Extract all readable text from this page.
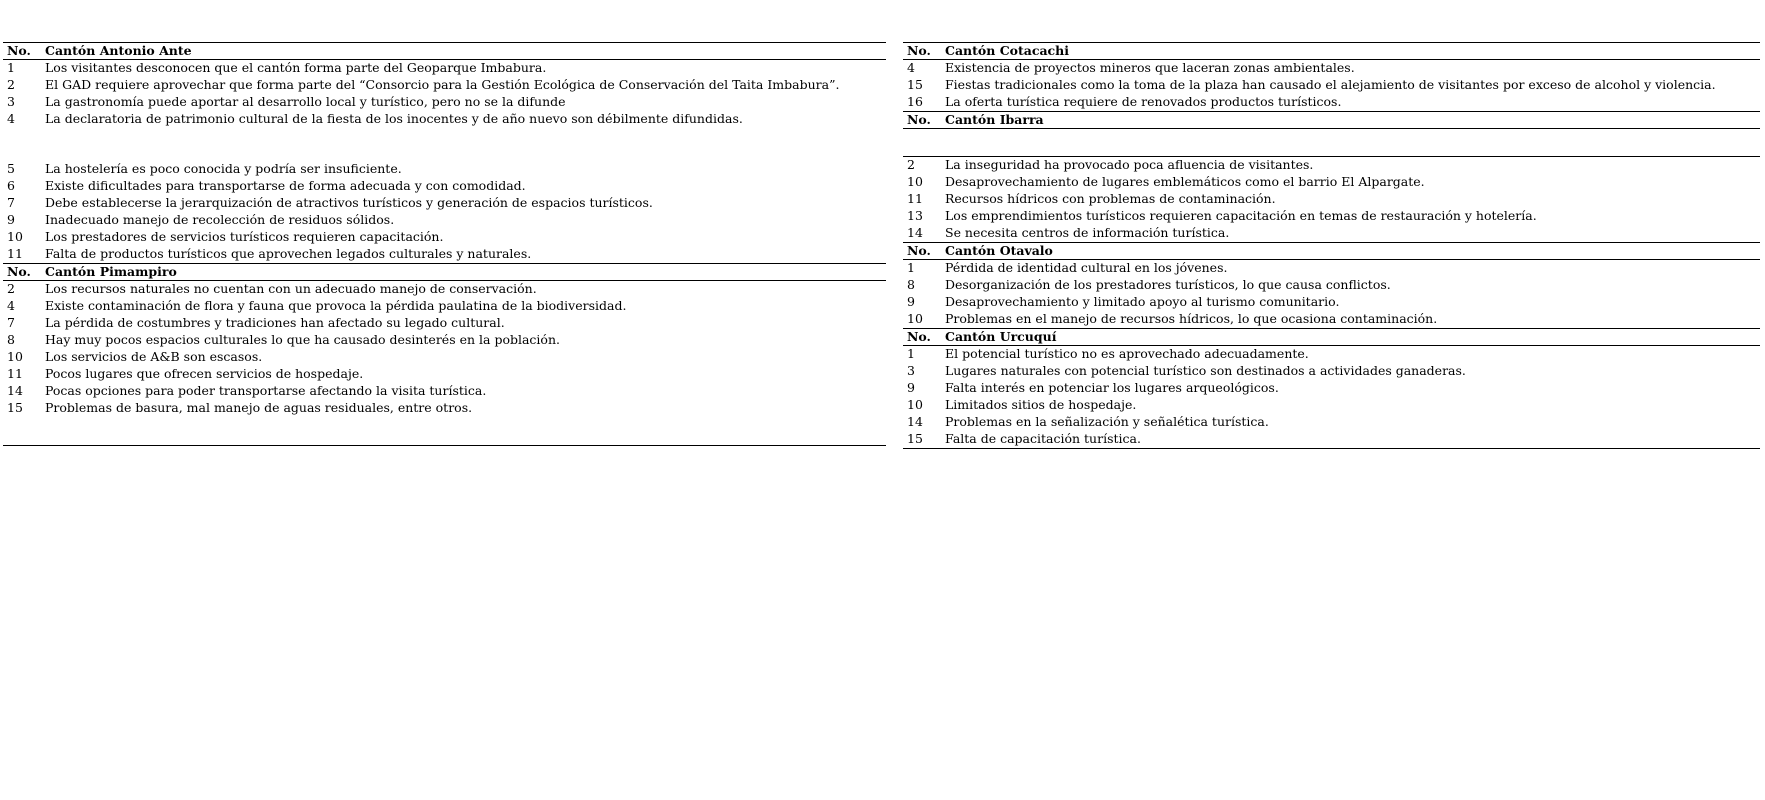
No.	Cantón Antonio Ante
1	Los visitantes desconocen que el cantón forma parte del Geoparque Imbabura.
2	El GAD requiere aprovechar que forma parte del “Consorcio para la Gestión Ecológica de Conservación del Taita Imbabura”.
3	La gastronomía puede aportar al desarrollo local y turístico, pero no se la difunde
4	La declaratoria de patrimonio cultural de la fiesta de los inocentes y de año nuevo son débilmente difundidas.

5	La hostelería es poco conocida y podría ser insuficiente.
6	Existe dificultades para transportarse de forma adecuada y con comodidad.
7	Debe establecerse la jerarquización de atractivos turísticos y generación de espacios turísticos.
9	Inadecuado manejo de recolección de residuos sólidos.
10	Los prestadores de servicios turísticos requieren capacitación.
11	Falta de productos turísticos que aprovechen legados culturales y naturales.
No.	Cantón Pimampiro
2	Los recursos naturales no cuentan con un adecuado manejo de conservación.
4	Existe contaminación de flora y fauna que provoca la pérdida paulatina de la biodiversidad.
7	La pérdida de costumbres y tradiciones han afectado su legado cultural.
8	Hay muy pocos espacios culturales lo que ha causado desinterés en la población.
10	Los servicios de A&B son escasos.
11	Pocos lugares que ofrecen servicios de hospedaje.
14	Pocas opciones para poder transportarse afectando la visita turística.
15	Problemas de basura, mal manejo de aguas residuales, entre otros.

No.	Cantón Cotacachi
4	Existencia de proyectos mineros que laceran zonas ambientales.
15	Fiestas tradicionales como la toma de la plaza han causado el alejamiento de visitantes por exceso de alcohol y violencia.
16	La oferta turística requiere de renovados productos turísticos.
No.	Cantón Ibarra

2	La inseguridad ha provocado poca afluencia de visitantes.
10	Desaprovechamiento de lugares emblemáticos como el barrio El Alpargate.
11	Recursos hídricos con problemas de contaminación.
13	Los emprendimientos turísticos requieren capacitación en temas de restauración y hotelería.
14	Se necesita centros de información turística.
No.	Cantón Otavalo
1	Pérdida de identidad cultural en los jóvenes.
8	Desorganización de los prestadores turísticos, lo que causa conflictos.
9	Desaprovechamiento y limitado apoyo al turismo comunitario.
10	Problemas en el manejo de recursos hídricos, lo que ocasiona contaminación.
No.	Cantón Urcuquí
1	El potencial turístico no es aprovechado adecuadamente.
3	Lugares naturales con potencial turístico son destinados a actividades ganaderas.
9	Falta interés en potenciar los lugares arqueológicos.
10	Limitados sitios de hospedaje.
14	Problemas en la señalización y señalética turística.
15	Falta de capacitación turística.
